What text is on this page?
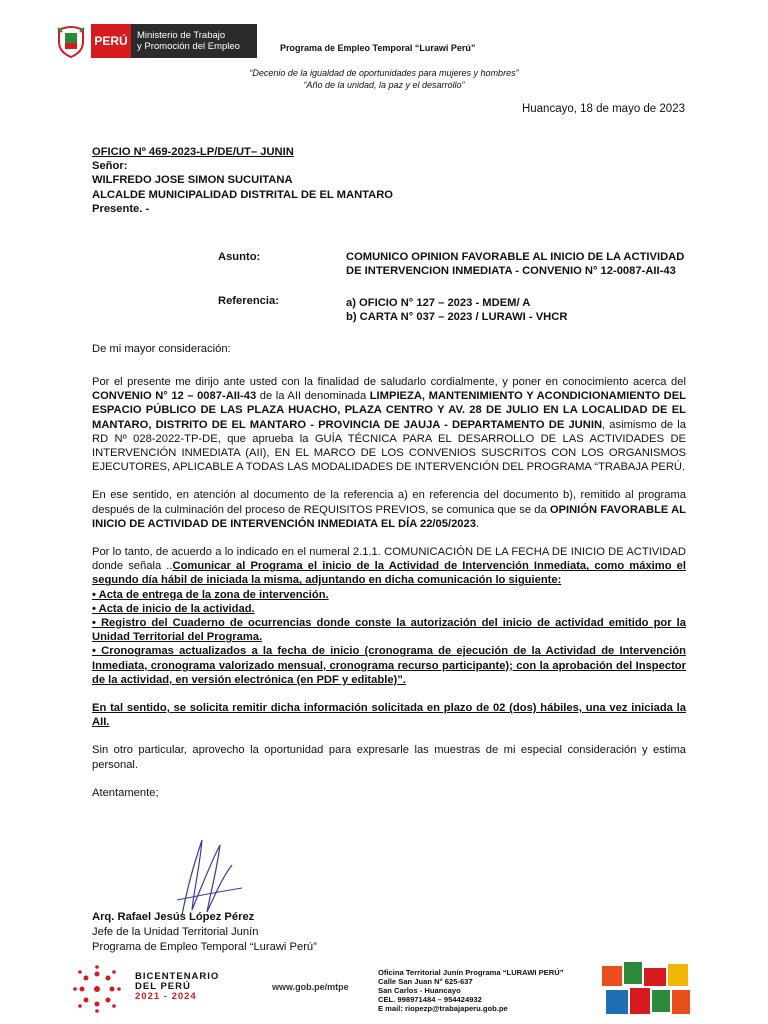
PERÚ Ministerio de Trabajo
y Promoción del Empleo	Programa de Empleo Temporal “Lurawi Perú”
“Decenio de la igualdad de oportunidades para mujeres y hombres”
“Año de la unidad, la paz y el desarrollo”
Huancayo, 18 de mayo de 2023
OFICIO Nº 469-2023-LP/DE/UT– JUNIN
Señor:
WILFREDO JOSE SIMON SUCUITANA
ALCALDE MUNICIPALIDAD DISTRITAL DE EL MANTARO
Presente. -
Asunto:	COMUNICO OPINION FAVORABLE AL INICIO DE LA ACTIVIDAD
DE INTERVENCION INMEDIATA - CONVENIO N° 12-0087-AII-43
Referencia:	a) OFICIO N° 127 – 2023 - MDEM/ A
b) CARTA N° 037 – 2023 / LURAWI - VHCR
De mi mayor consideración:

Por el presente me dirijo ante usted con la finalidad de saludarlo cordialmente, y poner en conocimiento acerca del CONVENIO N° 12 – 0087-AII-43 de la AII denominada LIMPIEZA, MANTENIMIENTO Y ACONDICIONAMIENTO DEL ESPACIO PÚBLICO DE LAS PLAZA HUACHO, PLAZA CENTRO Y AV. 28 DE JULIO EN LA LOCALIDAD DE EL MANTARO, DISTRITO DE EL MANTARO - PROVINCIA DE JAUJA - DEPARTAMENTO DE JUNIN, asimismo de la RD Nº 028-2022-TP-DE, que aprueba la GUÍA TÉCNICA PARA EL DESARROLLO DE LAS ACTIVIDADES DE INTERVENCIÓN INMEDIATA (AII), EN EL MARCO DE LOS CONVENIOS SUSCRITOS CON LOS ORGANISMOS EJECUTORES, APLICABLE A TODAS LAS MODALIDADES DE INTERVENCIÓN DEL PROGRAMA “TRABAJA PERÚ.

En ese sentido, en atención al documento de la referencia a) en referencia del documento b), remitido al programa después de la culminación del proceso de REQUISITOS PREVIOS, se comunica que se da OPINIÓN FAVORABLE AL INICIO DE ACTIVIDAD DE INTERVENCIÓN INMEDIATA EL DÍA 22/05/2023.

Por lo tanto, de acuerdo a lo indicado en el numeral 2.1.1. COMUNICACIÓN DE LA FECHA DE INICIO DE ACTIVIDAD donde señala ..Comunicar al Programa el inicio de la Actividad de Intervención Inmediata, como máximo el segundo día hábil de iniciada la misma, adjuntando en dicha comunicación lo siguiente:

• Acta de entrega de la zona de intervención.

• Acta de inicio de la actividad.

• Registro del Cuaderno de ocurrencias donde conste la autorización del inicio de actividad emitido por la Unidad Territorial del Programa.

• Cronogramas actualizados a la fecha de inicio (cronograma de ejecución de la Actividad de Intervención Inmediata, cronograma valorizado mensual, cronograma recurso participante); con la aprobación del Inspector de la actividad, en versión electrónica (en PDF y editable)”.

En tal sentido, se solicita remitir dicha información solicitada en plazo de 02 (dos) hábiles, una vez iniciada la AII.

Sin otro particular, aprovecho la oportunidad para expresarle las muestras de mi especial consideración y estima personal.

Atentamente;

Arq. Rafael Jesús López Pérez
Jefe de la Unidad Territorial Junín
Programa de Empleo Temporal “Lurawi Perú”
BICENTENARIO
DEL PERÚ
2021 - 2024
www.gob.pe/mtpe
Oficina Territorial Junín Programa “LURAWI PERÚ”
Calle San Juan N° 625-637
San Carlos - Huancayo
CEL. 998971484 – 954424932
E mail: riopezp@trabajaperu.gob.pe
